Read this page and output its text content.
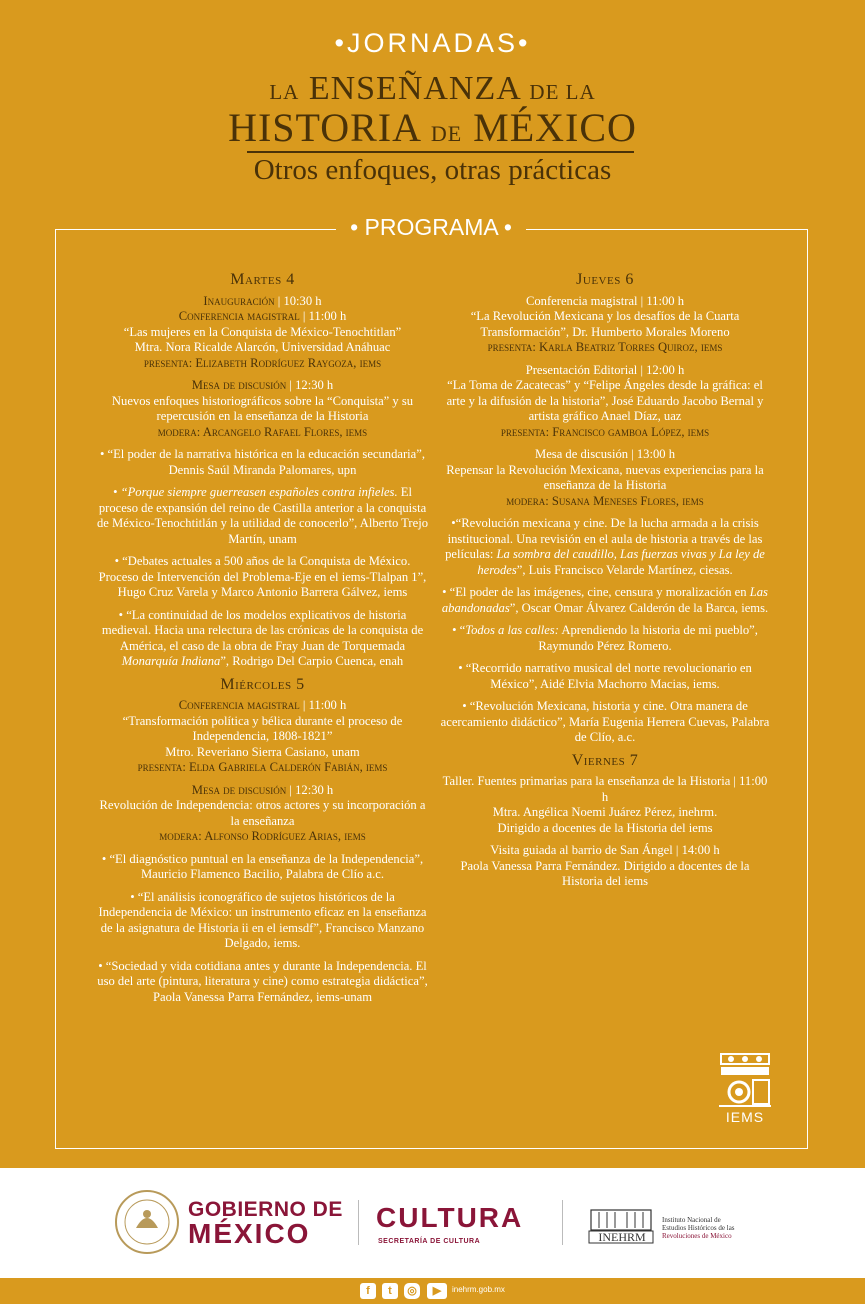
•JORNADAS•
LA ENSEÑANZA DE LA
HISTORIA DE MÉXICO
Otros enfoques, otras prácticas
• PROGRAMA •
Martes 4
Inauguración | 10:30 h
Conferencia magistral | 11:00 h
“Las mujeres en la Conquista de México-Tenochtitlan”
Mtra. Nora Ricalde Alarcón, Universidad Anáhuac
presenta: Elizabeth Rodríguez Raygoza, iems
Mesa de discusión | 12:30 h
Nuevos enfoques historiográficos sobre la “Conquista” y su repercusión en la enseñanza de la Historia
modera: Arcangelo Rafael Flores, iems
• “El poder de la narrativa histórica en la educación secundaria”, Dennis Saúl Miranda Palomares, upn
• “Porque siempre guerreasen españoles contra infieles. El proceso de expansión del reino de Castilla anterior a la conquista de México-Tenochtitlán y la utilidad de conocerlo”, Alberto Trejo Martín, unam
• “Debates actuales a 500 años de la Conquista de México. Proceso de Intervención del Problema-Eje en el iems-Tlalpan 1”, Hugo Cruz Varela y Marco Antonio Barrera Gálvez, iems
• “La continuidad de los modelos explicativos de historia medieval. Hacia una relectura de las crónicas de la conquista de América, el caso de la obra de Fray Juan de Torquemada Monarquía Indiana”, Rodrigo Del Carpio Cuenca, enah
Miércoles 5
Conferencia magistral | 11:00 h
“Transformación política y bélica durante el proceso de Independencia, 1808-1821”
Mtro. Reveriano Sierra Casiano, unam
presenta: Elda Gabriela Calderón Fabián, iems
Mesa de discusión | 12:30 h
Revolución de Independencia: otros actores y su incorporación a la enseñanza
modera: Alfonso Rodríguez Arias, iems
• “El diagnóstico puntual en la enseñanza de la Independencia”, Mauricio Flamenco Bacilio, Palabra de Clío a.c.
• “El análisis iconográfico de sujetos históricos de la Independencia de México: un instrumento eficaz en la enseñanza de la asignatura de Historia ii en el iemsdf”, Francisco Manzano Delgado, iems.
• “Sociedad y vida cotidiana antes y durante la Independencia. El uso del arte (pintura, literatura y cine) como estrategia didáctica”, Paola Vanessa Parra Fernández, iems-unam
Jueves 6
Conferencia magistral | 11:00 h
“La Revolución Mexicana y los desafíos de la Cuarta Transformación”, Dr. Humberto Morales Moreno
presenta: Karla Beatriz Torres Quiroz, iems
Presentación Editorial | 12:00 h
“La Toma de Zacatecas” y “Felipe Ángeles desde la gráfica: el arte y la difusión de la historia”, José Eduardo Jacobo Bernal y artista gráfico Anael Díaz, uaz
presenta: Francisco gamboa López, iems
Mesa de discusión | 13:00 h
Repensar la Revolución Mexicana, nuevas experiencias para la enseñanza de la Historia
modera: Susana Meneses Flores, iems
•“Revolución mexicana y cine. De la lucha armada a la crisis institucional. Una revisión en el aula de historia a través de las películas: La sombra del caudillo, Las fuerzas vivas y La ley de herodes”, Luis Francisco Velarde Martínez, ciesas.
• “El poder de las imágenes, cine, censura y moralización en Las abandonadas”, Oscar Omar Álvarez Calderón de la Barca, iems.
• “Todos a las calles: Aprendiendo la historia de mi pueblo”, Raymundo Pérez Romero.
• “Recorrido narrativo musical del norte revolucionario en México”, Aidé Elvia Machorro Macias, iems.
• “Revolución Mexicana, historia y cine. Otra manera de acercamiento didáctico”, María Eugenia Herrera Cuevas, Palabra de Clío, a.c.
Viernes 7
Taller. Fuentes primarias para la enseñanza de la Historia | 11:00 h
Mtra. Angélica Noemi Juárez Pérez, inehrm.
Dirigido a docentes de la Historia del iems
Visita guiada al barrio de San Ángel | 14:00 h
Paola Vanessa Parra Fernández. Dirigido a docentes de la Historia del iems
IEMS
GOBIERNO DE
MÉXICO
CULTURA
SECRETARÍA DE CULTURA	INEHRM
Instituto Nacional de
Estudios Históricos de las
Revoluciones de México
f	t	◎	▶	inehrm.gob.mx
